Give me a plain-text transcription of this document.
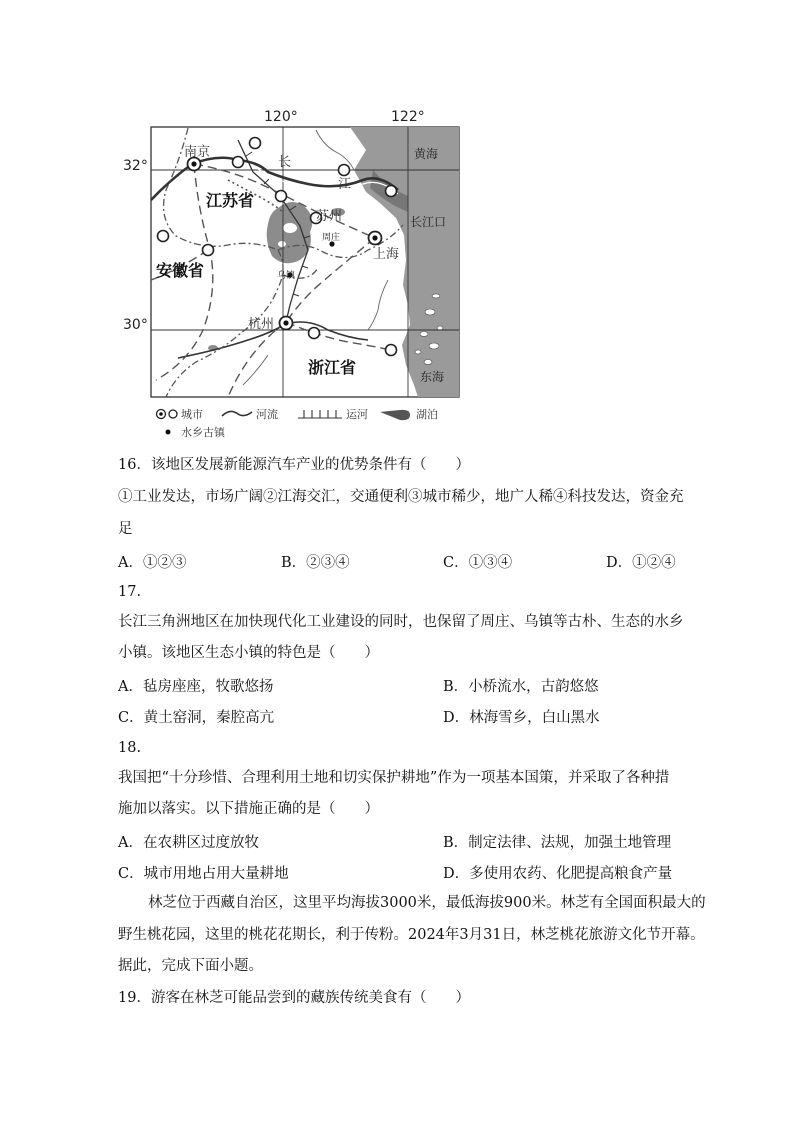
120°	122°
32°
30°
南京
江苏省
安徽省
浙江省
苏州
周庄
乌镇
上海
杭州
长
江
黄海
长江口
东海
城市	河流	运河	湖泊
水乡古镇
16．该地区发展新能源汽车产业的优势条件有（　　）
①工业发达，市场广阔②江海交汇，交通便利③城市稀少，地广人稀④科技发达，资金充
足
A．①②③	B．②③④	C．①③④	D．①②④
17.
长江三角洲地区在加快现代化工业建设的同时，也保留了周庄、乌镇等古朴、生态的水乡
小镇。该地区生态小镇的特色是（　　）
A．毡房座座，牧歌悠扬	B．小桥流水，古韵悠悠
C．黄土窑洞，秦腔高亢	D．林海雪乡，白山黑水
18.
我国把“十分珍惜、合理利用土地和切实保护耕地”作为一项基本国策，并采取了各种措
施加以落实。以下措施正确的是（　　）
A．在农耕区过度放牧	B．制定法律、法规，加强土地管理
C．城市用地占用大量耕地	D．多使用农药、化肥提高粮食产量
林芝位于西藏自治区，这里平均海拔3000米，最低海拔900米。林芝有全国面积最大的
野生桃花园，这里的桃花花期长，利于传粉。2024年3月31日，林芝桃花旅游文化节开幕。
据此，完成下面小题。
19．游客在林芝可能品尝到的藏族传统美食有（　　）
